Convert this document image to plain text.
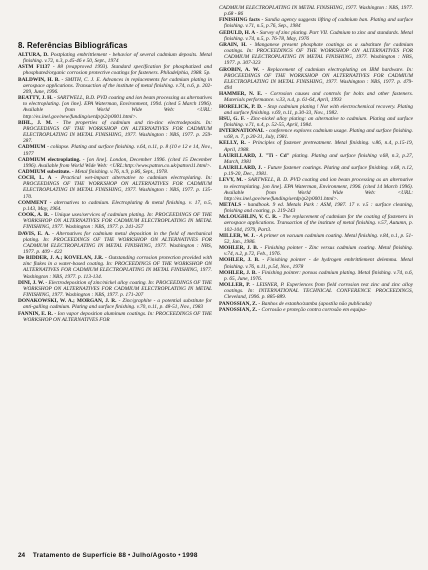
8. Referências Bibliográficas

ALTURA, D. Postplating embrittlement - behavior of several cadmium deposits. Metal finishing. v.72, n.3, p.45-46 e 50, Sept., 1974

ASTM F1137 - 88 (reapproved 1993). Standard specification for phosphatized and phosphated/organic corrosion protective coatings for fasteners. Philadelphia, 1988. 5p.

BALDWIN, H. B. - SMITH, C. J. E. Advances in replacements for cadmium plating in aerospace applications. Transaction of the institute of metal finishing. v.74, n.6, p. 202-209, June, 1996.

BEATTY, J. H. - SARTWELL, B.D. PVD coating and ion beam processing as alternatives to electroplating. [on line]. EPA Waterman, Environment, 1994. (cited 5 March 1996). Available from World Wide Web: <URL: http://es.inel.gov/new/funding/serdp/p2/p0001.html>.

BIHL, J. M. - The properties of cadmium and tin-zinc electrodeposits. In: PROCEEDINGS OF THE WORKSHOP ON ALTERNATIVES FOR CADMIUM ELECTROPLATING IN METAL FINISHING, 1977. Washington : NBS, 1977. p. 259-287.

CADMIUM - collapse. Plating and surface finishing. v.64, n.11, p. 8 (10 e 12 e 14, Nov., 1977

CADMIUM electroplating. - [on line]. London, December 1996. (cited 15 December 1996). Available from World Wide Web: <URL:http://www.patton.co.uk/patton11.html>.

CADMIUM substitute. - Metal finishing. v.76, n.9, p.86, Sept., 1978.

COCH, L. A - Practical wet-impact alternative to cadmium electroplating. In: PROCEEDINGS OF THE WORKSHOP ON ALTERNATIVES FOR CADMIUM ELECTROPLATING IN METAL FINISHING, 1977. Washington : NBS, 1977. p. 135-170.

COMMENT - alternatives to cadmium. Electroplating & metal finishing. v. 17, n.5, p.143, May, 1964.

COOK, A. R. - Unique uses/services of cadmium plating. In: PROCEEDINGS OF THE WORKSHOP ON ALTERNATIVES FOR CADMIUM ELECTROPLATING IN METAL FINISHING, 1977. Washington : NBS, 1977. p. 241-257

DAVIS, E. A. - Alternatives for cadmium metal deposition in the field of mechanical plating. In: PROCEEDINGS OF THE WORKSHOP ON ALTERNATIVES FOR CADMIUM ELECTROPLATING IN METAL FINISHING, 1977. Washington : NBS, 1977. p. 409 - 422

De RIDDER, J. A.; KOVELAN, J.R. - Outstanding corrosion protection provided with zinc flakes in a water-based coating. In: PROCEEDINGS OF THE WORKSHOP ON ALTERNATIVES FOR CADMIUM ELECTROPLATING IN METAL FINISHING, 1977. Washington : NBS, 1977. p. 113-134.

DINI, J. W. - Electrodeposition of zinc/nickel alloy coating. In: PROCEEDINGS OF THE WORKSHOP ON ALTERNATIVES FOR CADMIUM ELECTROPLATING IN METAL FINISHING, 1977. Washington : NBS, 1977. p. 171-207

DONAKOWSKI, W. A.; MORGAN, J. R. - Zinc/graphite - a potential substitute for anti-galling cadmium. Plating and surface finishing. v.70, n.11, p. 48-51, Nov., 1983

FANNIN, E. R. - Ion vapor deposition aluminum coatings. In: PROCEEDINGS OF THE WORKSHOP ON ALTERNATIVES FOR

CADMIUM ELECTROPLATING IN METAL FINISHING, 1977. Washington : NBS, 1977. p.68 - 86

FINISHING facts - Sandia agency suggests lifting of cadmium ban. Plating and surface finishing. v.71, n.5, p.76, Sep., 1984

GEDULD, H. A - Survey of zinc plating. Part VII. Cadmium to zinc and standards. Metal finishing. v.74, n.5, p. 76-78, May, 1976

GRAIN, H. - Manganese present phosphate coatings as a substitute for cadmium coatings. In: PROCEEDINGS OF THE WORKSHOP ON ALTERNATIVES FOR CADMIUM ELECTROPLATING IN METAL FINISHING, 1977. Washington : NBS, 1977. p. 307-323

GROBIN, A. W. - Replacement of cadmium electroplating on IBM hardware. In: PROCEEDINGS OF THE WORKSHOP ON ALTERNATIVES FOR CADMIUM ELECTROPLATING IN METAL FINISHING, 1977. Washington : NBS, 1977. p. 479-494

HAMMER, N. E. - Corrosion causes and controls for bolts and other fasteners. Materials performance. v.33, n.4, p. 61-64, April, 1993

HORELICK, P. D. - Stop cadmium plating ! Not with electrochemical recovery. Plating and surface finishing. v.69, n.11, p.30-33, Nov., 1982.

HSU, G. F. - Zinc-nickel alloy plating: an alternative to cadmium. Plating and surface finishing. v.71, n.4, p. 52-55, April, 1984.

INTERNATIONAL - conference explores cadmium usage. Plating and surface finishing. v.68, n. 7, p.30-31, July, 1981.

KELLY, R. - Principles of fastener pretreatment. Metal finishing. v.86, n.4, p.15-19, April, 1988.

LAURILLARD, J. "Ti - Cd" plating. Plating and surface finishing v.68, n.3, p.27, March, 1981

LAURILLARD, J. - Future fastener coatings. Plating and surface finishing. v.68, n.12, p.19-20, Dec., 1981.

LEVY, M. - SARTWELL, B. D. PVD coating and ion beam processing as an alternative to electroplating. [on line]. EPA Waterman, Environment, 1996. (cited 14 March 1996). Available from World Wide Web: <URL: http://es.inel.gov/new/funding/serdp/p2/p0001.html>.

METALS - handbook. 9 ed. Metals Park : ASM, 1987. 17 v. v.5 : surface cleaning, finishing and coating, p. 219-243

McLOUGHLIN, V. C. R. - The replacement of cadmium for the coating of fasteners in aerospace applications. Transaction of the institute of metal finishing. v.57, Autumn, p. 102-104, 1979, Part3.

MILLER, W. J. - A primer on vacuum cadmium coating. Metal finishing. v.84, n.1, p. 51-52, Jan., 1986.

MOHLER, J. B. - Finishing pointer - Zinc versus cadmium coating. Metal finishing. v.74, n.2, p.72, Feb., 1976.

MOHLER, J. B. - Finishing pointer - de hydrogen embrittlement delemma. Metal finishing. v.76, n.11, p.54, Nov., 1978

MOHLER, J. B. - Finishing pointer: porous cadmium plating. Metal finishing. v.74, n.6, p. 65, June, 1976.

MOLLER, P. - LEISNER, P. Experiences from field corrosion test zinc and zinc alloy coatings. In: INTERNATIONAL TECHNICAL CONFERENCE PROCEEDINGS, Cleveland, 1996. p. 885-889.

PANOSSIAN, Z. - Banhos de estanho/zamba (apostila não publicada)

PANOSSIAN, Z. - Corrosão e proteção contra corrosão em equipa-

24 Tratamento de Superfície 88 • Julho/Agosto • 1998
